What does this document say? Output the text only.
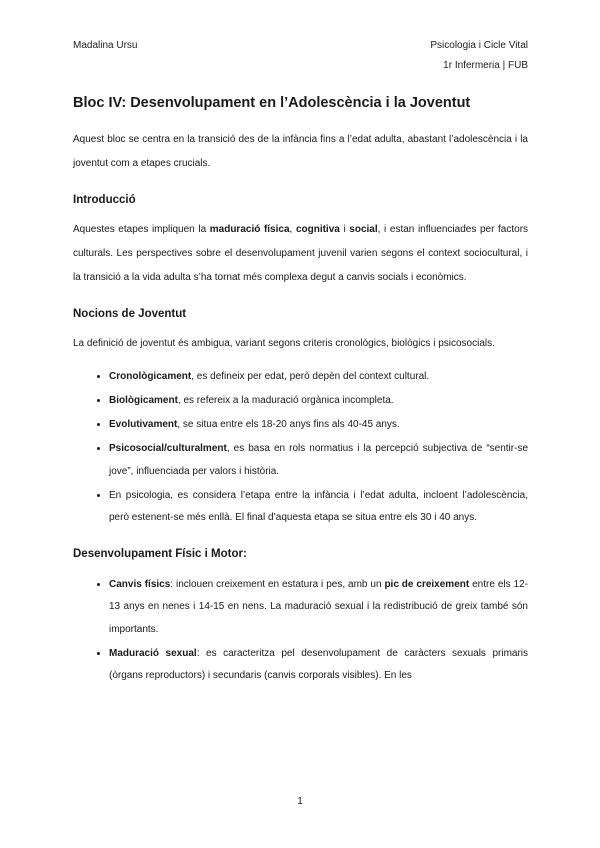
Madalina Ursu	Psicologia i Cicle Vital
1r Infermeria | FUB
Bloc IV: Desenvolupament en l’Adolescència i la Joventut

Aquest bloc se centra en la transició des de la infància fins a l’edat adulta, abastant l’adolescència i la joventut com a etapes crucials.

Introducció

Aquestes etapes impliquen la maduració física, cognitiva i social, i estan influenciades per factors culturals. Les perspectives sobre el desenvolupament juvenil varien segons el context sociocultural, i la transició a la vida adulta s’ha tornat més complexa degut a canvis socials i econòmics.

Nocions de Joventut

La definició de joventut és ambigua, variant segons criteris cronològics, biològics i psicosocials.

• Cronològicament, es defineix per edat, però depèn del context cultural.
• Biològicament, es refereix a la maduració orgànica incompleta.
• Evolutivament, se situa entre els 18-20 anys fins als 40-45 anys.
• Psicosocial/culturalment, es basa en rols normatius i la percepció subjectiva de “sentir-se jove”, influenciada per valors i història.
• En psicologia, es considera l’etapa entre la infància i l’edat adulta, incloent l’adolescència, però estenent-se més enllà. El final d’aquesta etapa se situa entre els 30 i 40 anys.
Desenvolupament Físic i Motor:
• Canvis físics: inclouen creixement en estatura i pes, amb un pic de creixement entre els 12-13 anys en nenes i 14-15 en nens. La maduració sexual i la redistribució de greix també són importants.
• Maduració sexual: es caracteritza pel desenvolupament de caràcters sexuals primaris (òrgans reproductors) i secundaris (canvis corporals visibles). En les
1
